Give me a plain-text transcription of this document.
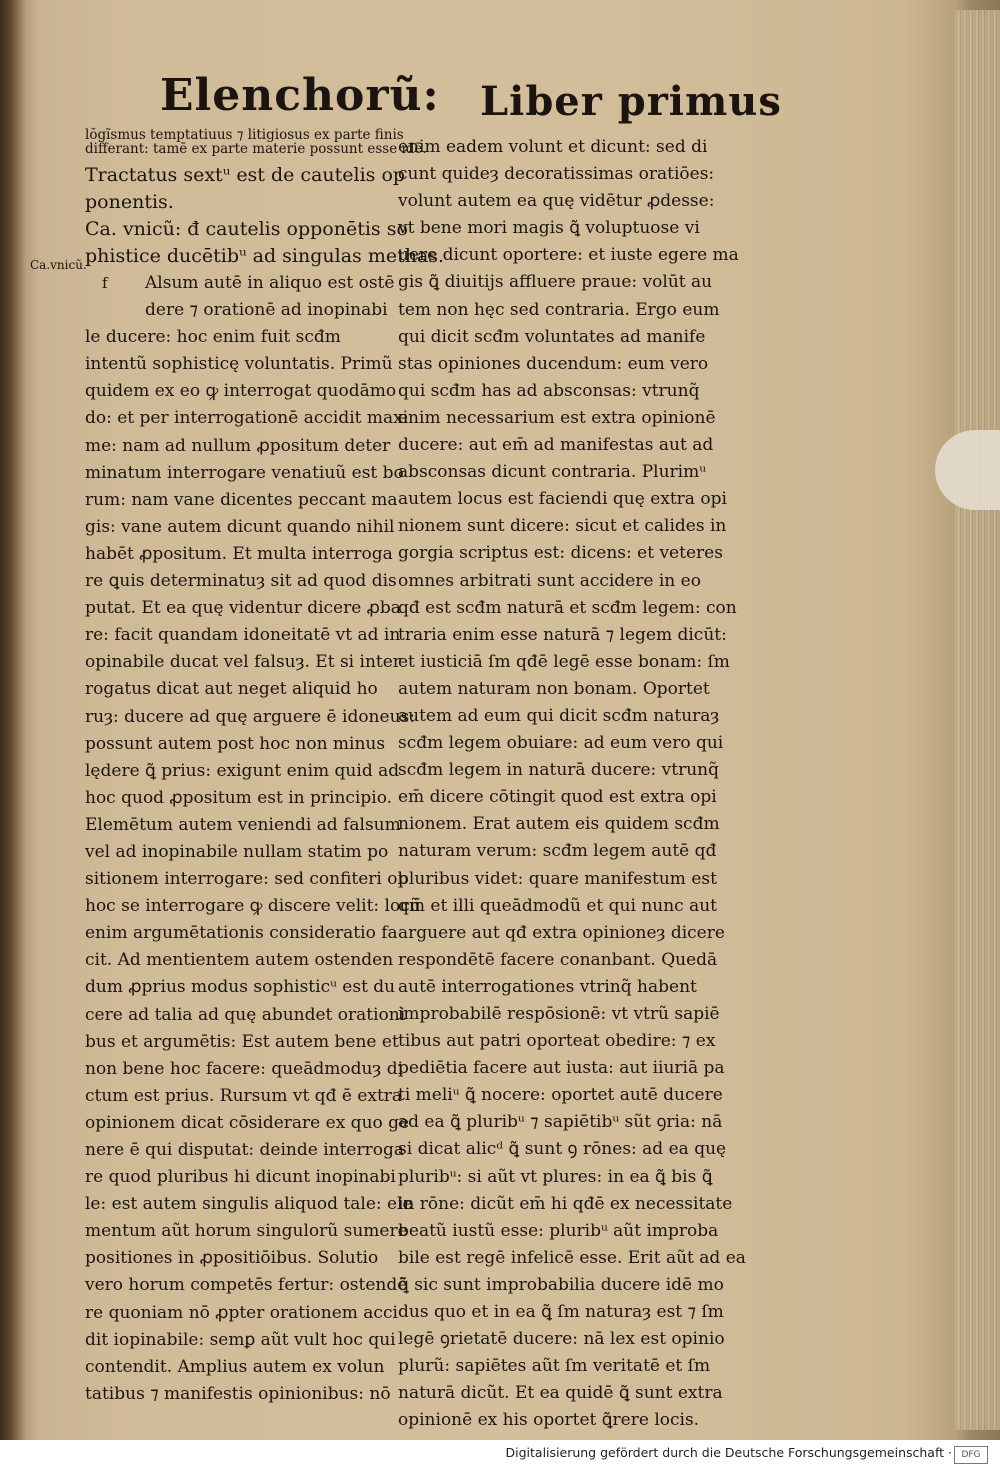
Elenchorũ: Liber primus
Ca.vnicũ.
f

lŏgĩsmus temptatiuus ⁊ litigiosus ex parte finis

differant: tamē ex parte materie possunt esse idē.

Tractatus sextᵘ est de cautelis op

ponentis.

Ca. vnicũ: đ cautelis opponētis so

phistice ducētibᵘ ad singulas methas.

Alsum autē in aliquo est ostē

dere ⁊ orationē ad inopinabi

le ducere: hoc enim fuit scđm

intentũ sophisticę voluntatis. Primũ

quidem ex eo ꝙ interrogat quodāmo

do: et per interrogationē accidit maxi

me: nam ad nullum ꝓpositum deter

minatum interrogare venatiuũ est bo

rum: nam vane dicentes peccant ma

gis: vane autem dicunt quando nihil

habēt ꝓpositum. Et multa interroga

re ꝗuis determinatuȝ sit ad quod dis

putat. Et ea quę videntur dicere ꝓba

re: facit quandam idoneitatē vt ad in

opinabile ducat vel falsuȝ. Et si inter

rogatus dicat aut neget aliquid ho

ruȝ: ducere ad quę arguere ē idoneus:

possunt autem post hoc non minus

lędere ꝗ̃ prius: exigunt enim quid ad

hoc quod ꝓpositum est in principio.

Elemētum autem veniendi ad falsum

vel ad inopinabile nullam statim po

sitionem interrogare: sed confiteri ob

hoc se interrogare ꝙ discere velit: locũ

enim argumētationis consideratio fa

cit. Ad mentientem autem ostenden

dum ꝓprius modus sophisticᵘ est du

cere ad talia ad quę abundet orationi

bus et argumētis: Est autem bene et

non bene hoc facere: queādmoduȝ di

ctum est prius. Rursum vt qđ ē extra

opinionem dicat cōsiderare ex quo ge

nere ē qui disputat: deinde interroga

re quod pluribus hi dicunt inopinabi

le: est autem singulis aliquod tale: ele

mentum aũt horum singulorũ sumere

positiones in ꝓpositiōibus. Solutio

vero horum competēs fertur: ostendē

re quoniam nō ꝓpter orationem acci

dit iopinabile: semꝑ aũt vult hoc qui

contendit. Amplius autem ex volun

tatibus ⁊ manifestis opinionibus: nō

enim eadem volunt et dicunt: sed di

cunt quideȝ decoratissimas oratiōes:

volunt autem ea quę vidētur ꝓdesse:

vt bene mori magis ꝗ̃ voluptuose vi

uere dicunt oportere: et iuste egere ma

gis ꝗ̃ diuitijs affluere praue: volūt au

tem non hęc sed contraria. Ergo eum

qui dicit scđm voluntates ad manife

stas opiniones ducendum: eum vero

qui scđm has ad absconsas: vtrunq̃

enim necessarium est extra opinionē

ducere: aut em̄ ad manifestas aut ad

absconsas dicunt contraria. Plurimᵘ

autem locus est faciendi quę extra opi

nionem sunt dicere: sicut et calides in

gorgia scriptus est: dicens: et veteres

omnes arbitrati sunt accidere in eo

qđ est scđm naturā et scđm legem: con

traria enim esse naturā ⁊ legem dicūt:

et iusticiā ſm qđē legē esse bonam: ſm

autem naturam non bonam. Oportet

autem ad eum qui dicit scđm naturaȝ

scđm legem obuiare: ad eum vero qui

scđm legem in naturā ducere: vtrunq̃

em̄ dicere cōtingit quod est extra opi

nionem. Erat autem eis quidem scđm

naturam verum: scđm legem autē qđ

pluribus videt: quare manifestum est

qm̄ et illi queādmodũ et qui nunc aut

arguere aut qđ extra opinioneȝ dicere

respondētē facere conanbant. Quedā

autē interrogationes vtrinq̃ habent

improbabilē respōsionē: vt vtrũ sapiē

tibus aut patri oporteat obedire: ⁊ ex

pediētia facere aut iusta: aut iiuriā pa

ti meliᵘ ꝗ̃ nocere: oportet autē ducere

ad ea ꝗ̃ pluribᵘ ⁊ sapiētibᵘ sũt ꝯria: nā

si dicat alicᵈ ꝗ̃ sunt ꝯ rōnes: ad ea quę

pluribᵘ: si aũt vt plures: in ea ꝗ̃ bis ꝗ̃

in rōne: dicũt em̄ hi qđē ex necessitate

beatũ iustũ esse: pluribᵘ aũt improba

bile est regē infelicē esse. Erit aũt ad ea

ꝗ̃ sic sunt improbabilia ducere idē mo

dus quo et in ea ꝗ̃ ſm naturaȝ est ⁊ ſm

legē ꝯrietatē ducere: nā lex est opinio

plurũ: sapiētes aũt ſm veritatē et ſm

naturā dicũt. Et ea quidē ꝗ̃ sunt extra

opinionē ex his oportet ꝗ̃rere locis.

Digitalisierung gefördert durch die Deutsche Forschungsgemeinschaft ·	DFG
